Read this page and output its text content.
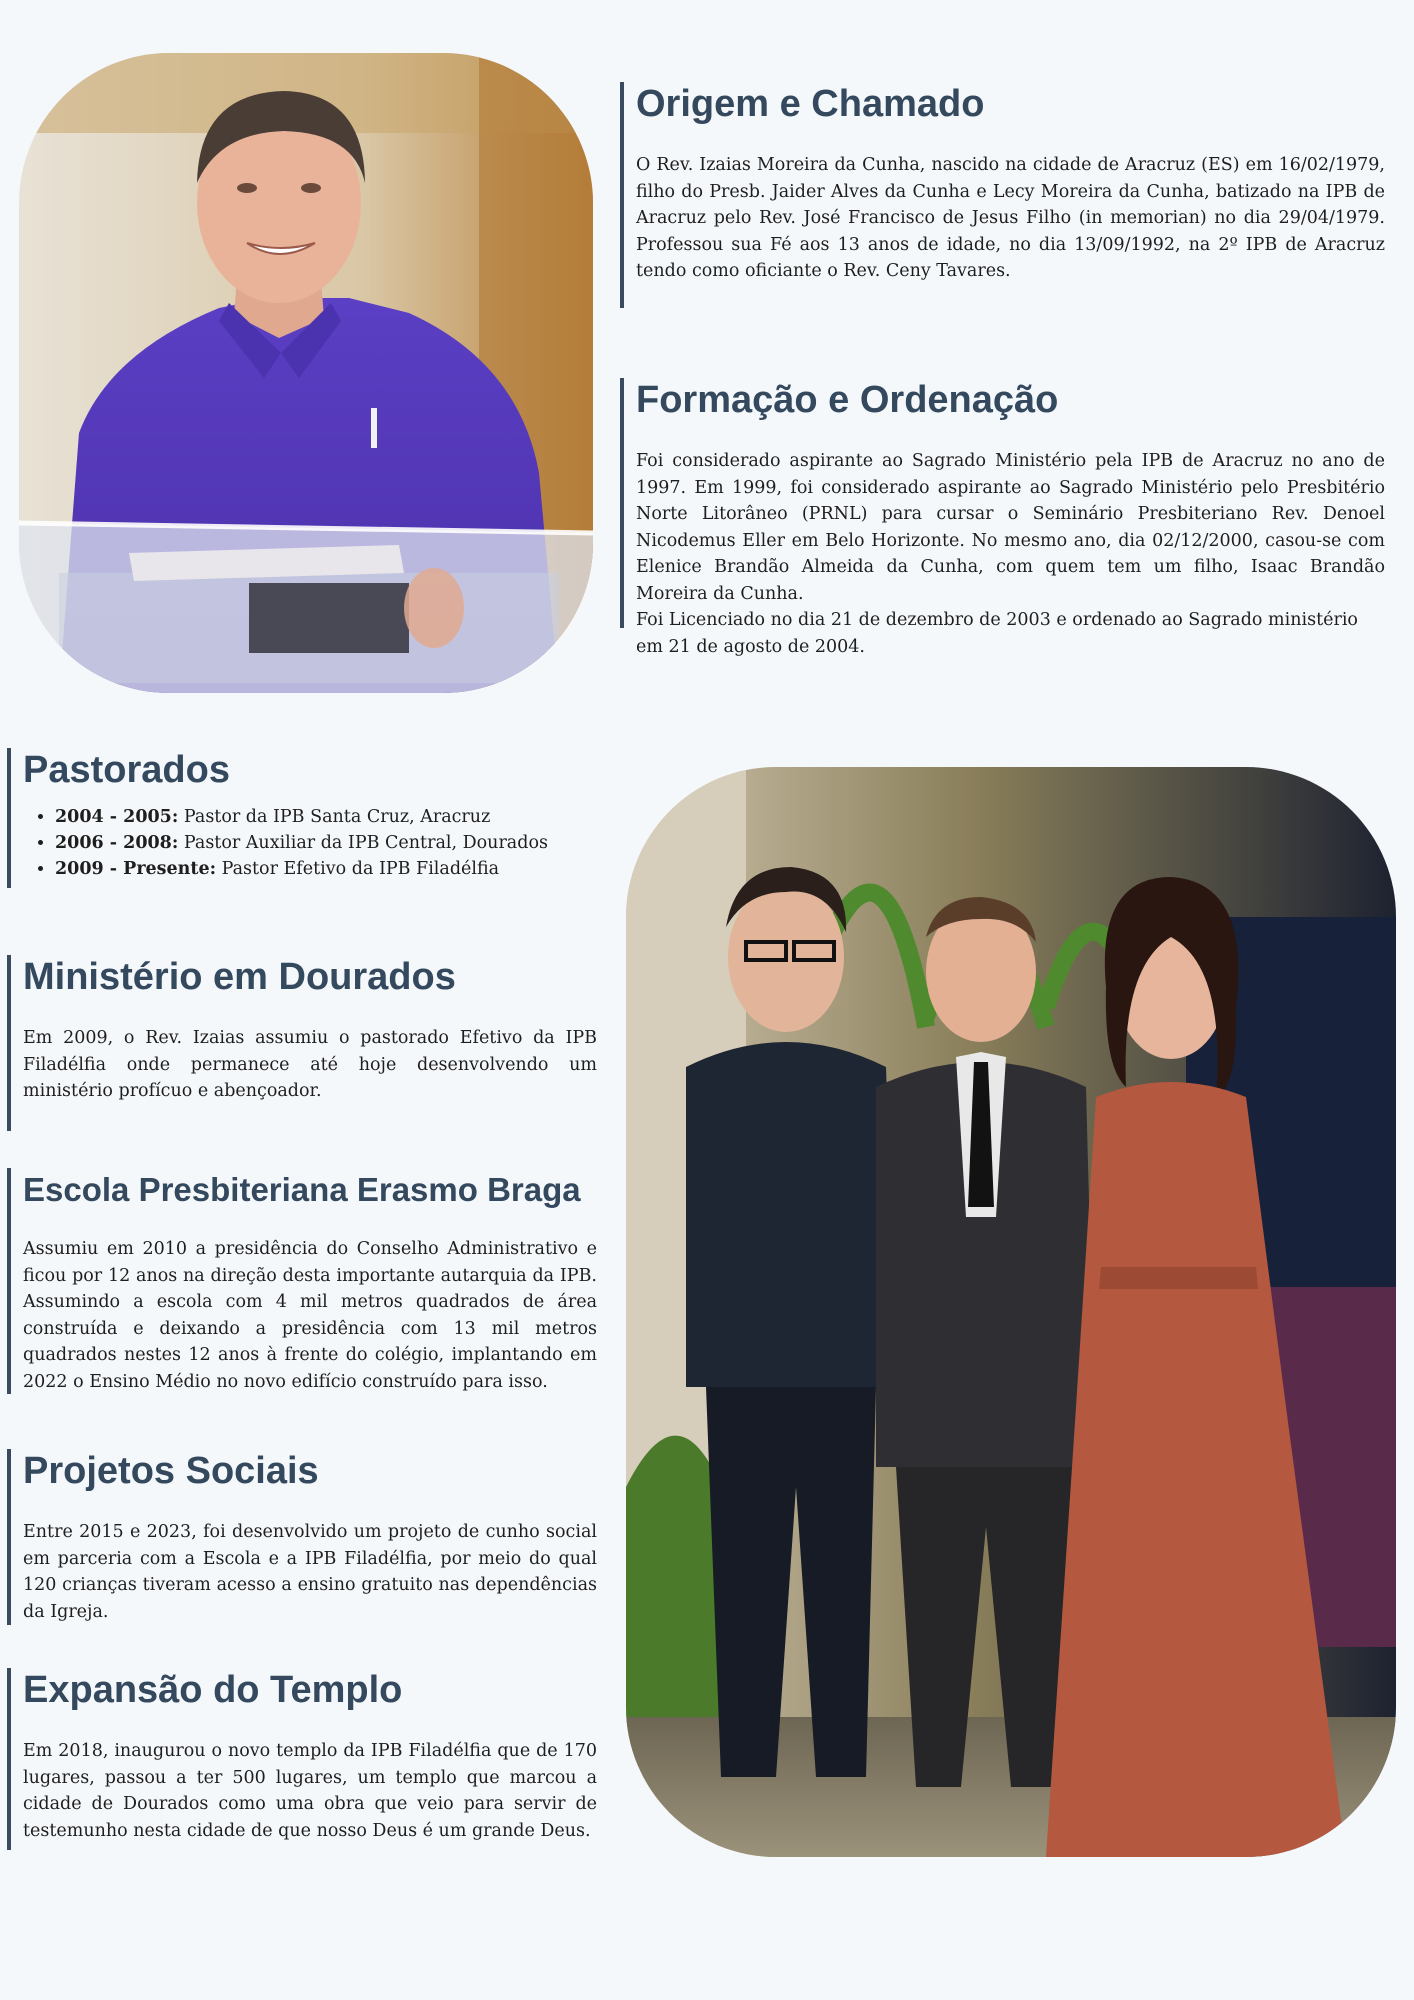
Origem e Chamado

O Rev. Izaias Moreira da Cunha, nascido na cidade de Aracruz (ES) em 16/02/1979, filho do Presb. Jaider Alves da Cunha e Lecy Moreira da Cunha, batizado na IPB de Aracruz pelo Rev. José Francisco de Jesus Filho (in memorian) no dia 29/04/1979. Professou sua Fé aos 13 anos de idade, no dia 13/09/1992, na 2º IPB de Aracruz tendo como oficiante o Rev. Ceny Tavares.

Formação e Ordenação

Foi considerado aspirante ao Sagrado Ministério pela IPB de Aracruz no ano de 1997. Em 1999, foi considerado aspirante ao Sagrado Ministério pelo Presbitério Norte Litorâneo (PRNL) para cursar o Seminário Presbiteriano Rev. Denoel Nicodemus Eller em Belo Horizonte. No mesmo ano, dia 02/12/2000, casou-se com Elenice Brandão Almeida da Cunha, com quem tem um filho, Isaac Brandão Moreira da Cunha.

Foi Licenciado no dia 21 de dezembro de 2003 e ordenado ao Sagrado ministério em 21 de agosto de 2004.

Pastorados
• 2004 - 2005: Pastor da IPB Santa Cruz, Aracruz
• 2006 - 2008: Pastor Auxiliar da IPB Central, Dourados
• 2009 - Presente: Pastor Efetivo da IPB Filadélfia
Ministério em Dourados

Em 2009, o Rev. Izaias assumiu o pastorado Efetivo da IPB Filadélfia onde permanece até hoje desenvolvendo um ministério profícuo e abençoador.

Escola Presbiteriana Erasmo Braga

Assumiu em 2010 a presidência do Conselho Administrativo e ficou por 12 anos na direção desta importante autarquia da IPB. Assumindo a escola com 4 mil metros quadrados de área construída e deixando a presidência com 13 mil metros quadrados nestes 12 anos à frente do colégio, implantando em 2022 o Ensino Médio no novo edifício construído para isso.

Projetos Sociais

Entre 2015 e 2023, foi desenvolvido um projeto de cunho social em parceria com a Escola e a IPB Filadélfia, por meio do qual 120 crianças tiveram acesso a ensino gratuito nas dependências da Igreja.

Expansão do Templo

Em 2018, inaugurou o novo templo da IPB Filadélfia que de 170 lugares, passou a ter 500 lugares, um templo que marcou a cidade de Dourados como uma obra que veio para servir de testemunho nesta cidade de que nosso Deus é um grande Deus.
